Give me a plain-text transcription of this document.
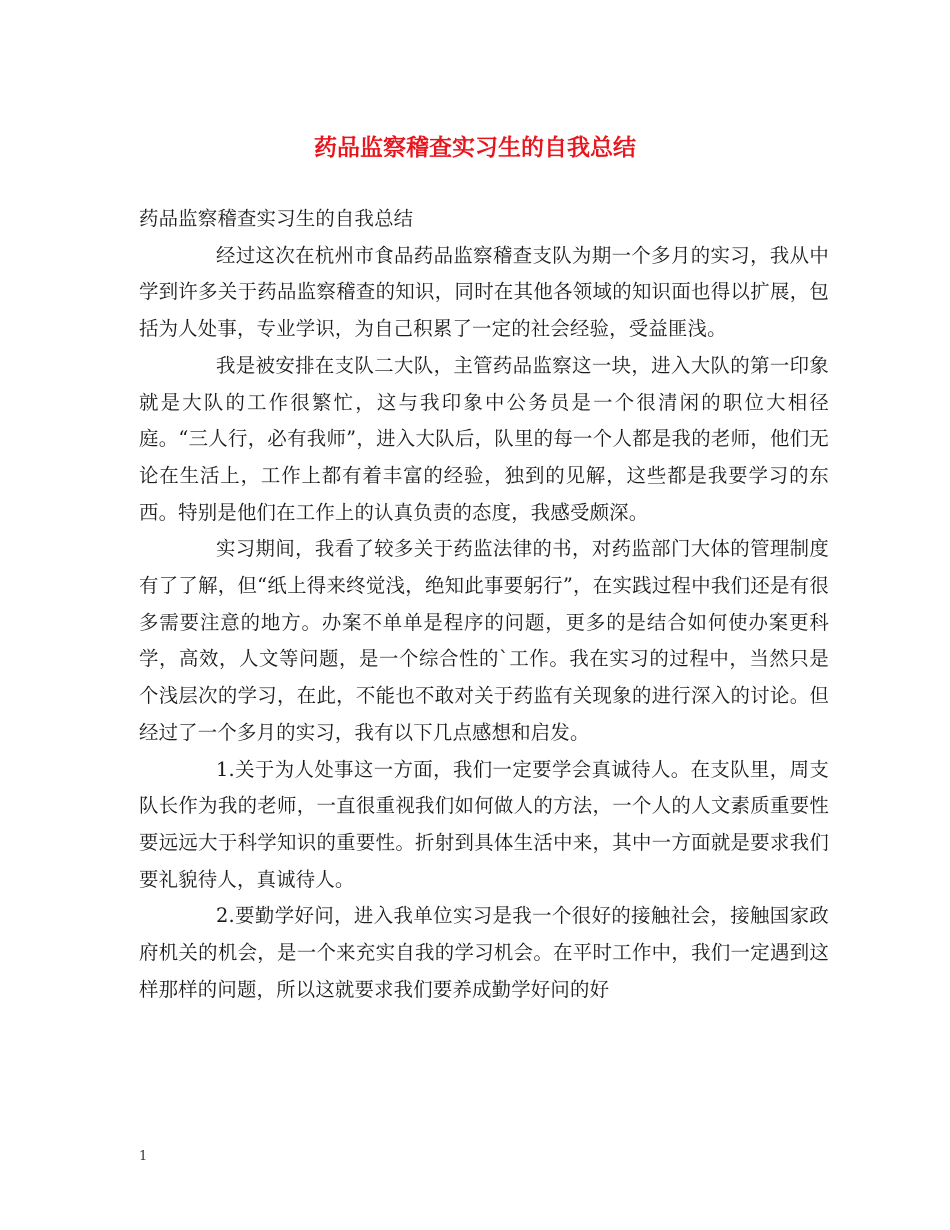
药品监察稽查实习生的自我总结

药品监察稽查实习生的自我总结

经过这次在杭州市食品药品监察稽查支队为期一个多月的实习，我从中学到许多关于药品监察稽查的知识，同时在其他各领域的知识面也得以扩展，包括为人处事，专业学识，为自己积累了一定的社会经验，受益匪浅。

我是被安排在支队二大队，主管药品监察这一块，进入大队的第一印象就是大队的工作很繁忙，这与我印象中公务员是一个很清闲的职位大相径庭。“三人行，必有我师”，进入大队后，队里的每一个人都是我的老师，他们无论在生活上，工作上都有着丰富的经验，独到的见解，这些都是我要学习的东西。特别是他们在工作上的认真负责的态度，我感受颇深。

实习期间，我看了较多关于药监法律的书，对药监部门大体的管理制度有了了解，但“纸上得来终觉浅，绝知此事要躬行”，在实践过程中我们还是有很多需要注意的地方。办案不单单是程序的问题，更多的是结合如何使办案更科学，高效，人文等问题，是一个综合性的`工作。我在实习的过程中，当然只是个浅层次的学习，在此，不能也不敢对关于药监有关现象的进行深入的讨论。但经过了一个多月的实习，我有以下几点感想和启发。

1.关于为人处事这一方面，我们一定要学会真诚待人。在支队里，周支队长作为我的老师，一直很重视我们如何做人的方法，一个人的人文素质重要性要远远大于科学知识的重要性。折射到具体生活中来，其中一方面就是要求我们要礼貌待人，真诚待人。

2.要勤学好问，进入我单位实习是我一个很好的接触社会，接触国家政府机关的机会，是一个来充实自我的学习机会。在平时工作中，我们一定遇到这样那样的问题，所以这就要求我们要养成勤学好问的好

1
